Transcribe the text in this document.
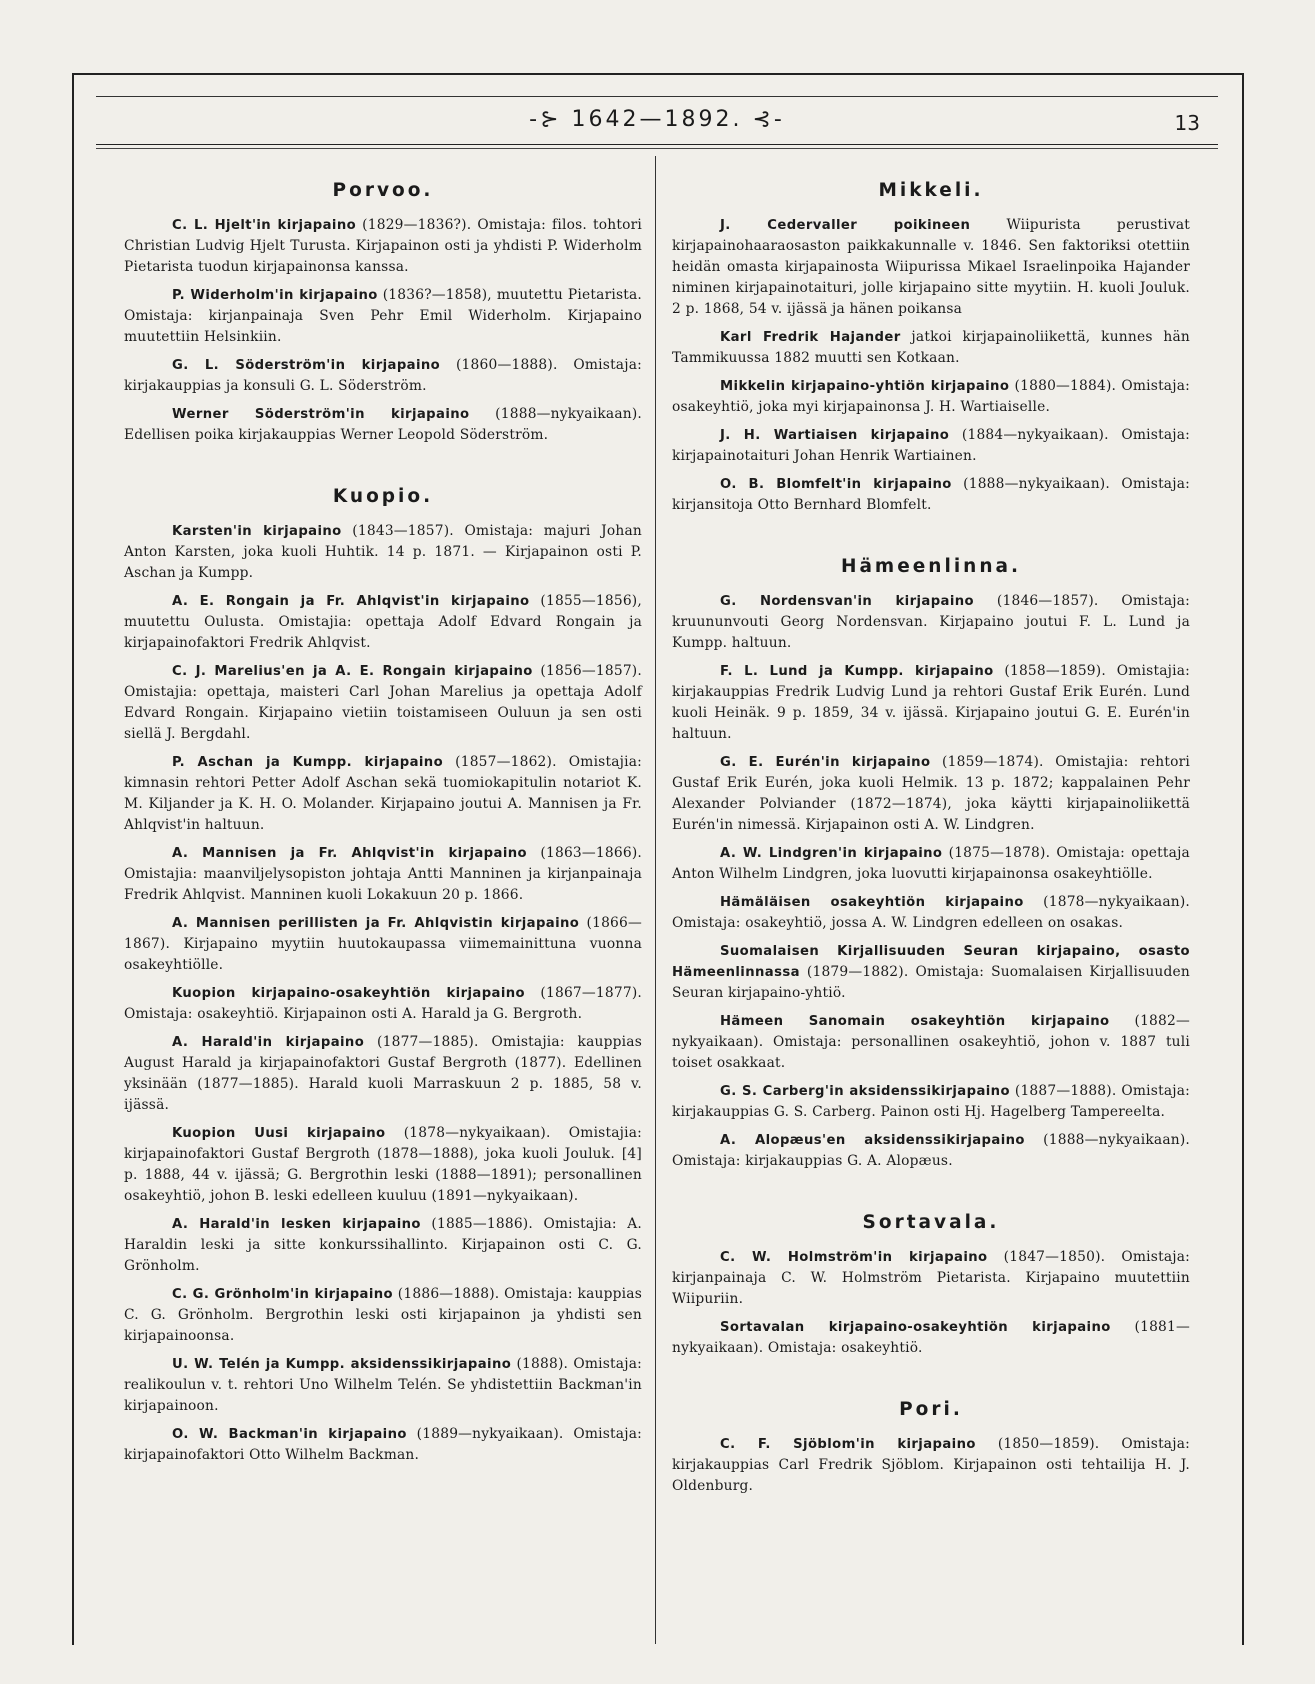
-⊱ 1642—1892. ⊰-	13
Porvoo.

C. L. Hjelt'in kirjapaino (1829—1836?). Omistaja: filos. tohtori Christian Ludvig Hjelt Turusta. Kirjapainon osti ja yhdisti P. Widerholm Pietarista tuodun kirjapainonsa kanssa.

P. Widerholm'in kirjapaino (1836?—1858), muutettu Pietarista. Omistaja: kirjanpainaja Sven Pehr Emil Widerholm. Kirjapaino muutettiin Helsinkiin.

G. L. Söderström'in kirjapaino (1860—1888). Omistaja: kirjakauppias ja konsuli G. L. Söderström.

Werner Söderström'in kirjapaino (1888—nykyaikaan). Edellisen poika kirjakauppias Werner Leopold Söderström.

Kuopio.

Karsten'in kirjapaino (1843—1857). Omistaja: majuri Johan Anton Karsten, joka kuoli Huhtik. 14 p. 1871. — Kirjapainon osti P. Aschan ja Kumpp.

A. E. Rongain ja Fr. Ahlqvist'in kirjapaino (1855—1856), muutettu Oulusta. Omistajia: opettaja Adolf Edvard Rongain ja kirjapainofaktori Fredrik Ahlqvist.

C. J. Marelius'en ja A. E. Rongain kirjapaino (1856—1857). Omistajia: opettaja, maisteri Carl Johan Marelius ja opettaja Adolf Edvard Rongain. Kirjapaino vietiin toistamiseen Ouluun ja sen osti siellä J. Bergdahl.

P. Aschan ja Kumpp. kirjapaino (1857—1862). Omistajia: kimnasin rehtori Petter Adolf Aschan sekä tuomiokapitulin notariot K. M. Kiljander ja K. H. O. Molander. Kirjapaino joutui A. Mannisen ja Fr. Ahlqvist'in haltuun.

A. Mannisen ja Fr. Ahlqvist'in kirjapaino (1863—1866). Omistajia: maanviljelysopiston johtaja Antti Manninen ja kirjanpainaja Fredrik Ahlqvist. Manninen kuoli Lokakuun 20 p. 1866.

A. Mannisen perillisten ja Fr. Ahlqvistin kirjapaino (1866—1867). Kirjapaino myytiin huutokaupassa viimemainittuna vuonna osakeyhtiölle.

Kuopion kirjapaino-osakeyhtiön kirjapaino (1867—1877). Omistaja: osakeyhtiö. Kirjapainon osti A. Harald ja G. Bergroth.

A. Harald'in kirjapaino (1877—1885). Omistajia: kauppias August Harald ja kirjapainofaktori Gustaf Bergroth (1877). Edellinen yksinään (1877—1885). Harald kuoli Marraskuun 2 p. 1885, 58 v. ijässä.

Kuopion Uusi kirjapaino (1878—nykyaikaan). Omistajia: kirjapainofaktori Gustaf Bergroth (1878—1888), joka kuoli Jouluk. [4] p. 1888, 44 v. ijässä; G. Bergrothin leski (1888—1891); personallinen osakeyhtiö, johon B. leski edelleen kuuluu (1891—nykyaikaan).

A. Harald'in lesken kirjapaino (1885—1886). Omistajia: A. Haraldin leski ja sitte konkurssihallinto. Kirjapainon osti C. G. Grönholm.

C. G. Grönholm'in kirjapaino (1886—1888). Omistaja: kauppias C. G. Grönholm. Bergrothin leski osti kirjapainon ja yhdisti sen kirjapainoonsa.

U. W. Telén ja Kumpp. aksidenssikirjapaino (1888). Omistaja: realikoulun v. t. rehtori Uno Wilhelm Telén. Se yhdistettiin Backman'in kirjapainoon.

O. W. Backman'in kirjapaino (1889—nykyaikaan). Omistaja: kirjapainofaktori Otto Wilhelm Backman.

Mikkeli.

J. Cedervaller poikineen Wiipurista perustivat kirjapainohaaraosaston paikkakunnalle v. 1846. Sen faktoriksi otettiin heidän omasta kirjapainosta Wiipurissa Mikael Israelinpoika Hajander niminen kirjapainotaituri, jolle kirjapaino sitte myytiin. H. kuoli Jouluk. 2 p. 1868, 54 v. ijässä ja hänen poikansa

Karl Fredrik Hajander jatkoi kirjapainoliikettä, kunnes hän Tammikuussa 1882 muutti sen Kotkaan.

Mikkelin kirjapaino-yhtiön kirjapaino (1880—1884). Omistaja: osakeyhtiö, joka myi kirjapainonsa J. H. Wartiaiselle.

J. H. Wartiaisen kirjapaino (1884—nykyaikaan). Omistaja: kirjapainotaituri Johan Henrik Wartiainen.

O. B. Blomfelt'in kirjapaino (1888—nykyaikaan). Omistaja: kirjansitoja Otto Bernhard Blomfelt.

Hämeenlinna.

G. Nordensvan'in kirjapaino (1846—1857). Omistaja: kruununvouti Georg Nordensvan. Kirjapaino joutui F. L. Lund ja Kumpp. haltuun.

F. L. Lund ja Kumpp. kirjapaino (1858—1859). Omistajia: kirjakauppias Fredrik Ludvig Lund ja rehtori Gustaf Erik Eurén. Lund kuoli Heinäk. 9 p. 1859, 34 v. ijässä. Kirjapaino joutui G. E. Eurén'in haltuun.

G. E. Eurén'in kirjapaino (1859—1874). Omistajia: rehtori Gustaf Erik Eurén, joka kuoli Helmik. 13 p. 1872; kappalainen Pehr Alexander Polviander (1872—1874), joka käytti kirjapainoliikettä Eurén'in nimessä. Kirjapainon osti A. W. Lindgren.

A. W. Lindgren'in kirjapaino (1875—1878). Omistaja: opettaja Anton Wilhelm Lindgren, joka luovutti kirjapainonsa osakeyhtiölle.

Hämäläisen osakeyhtiön kirjapaino (1878—nykyaikaan). Omistaja: osakeyhtiö, jossa A. W. Lindgren edelleen on osakas.

Suomalaisen Kirjallisuuden Seuran kirjapaino, osasto Hämeenlinnassa (1879—1882). Omistaja: Suomalaisen Kirjallisuuden Seuran kirjapaino-yhtiö.

Hämeen Sanomain osakeyhtiön kirjapaino (1882—nykyaikaan). Omistaja: personallinen osakeyhtiö, johon v. 1887 tuli toiset osakkaat.

G. S. Carberg'in aksidenssikirjapaino (1887—1888). Omistaja: kirjakauppias G. S. Carberg. Painon osti Hj. Hagelberg Tampereelta.

A. Alopæus'en aksidenssikirjapaino (1888—nykyaikaan). Omistaja: kirjakauppias G. A. Alopæus.

Sortavala.

C. W. Holmström'in kirjapaino (1847—1850). Omistaja: kirjanpainaja C. W. Holmström Pietarista. Kirjapaino muutettiin Wiipuriin.

Sortavalan kirjapaino-osakeyhtiön kirjapaino (1881—nykyaikaan). Omistaja: osakeyhtiö.

Pori.

C. F. Sjöblom'in kirjapaino (1850—1859). Omistaja: kirjakauppias Carl Fredrik Sjöblom. Kirjapainon osti tehtailija H. J. Oldenburg.
